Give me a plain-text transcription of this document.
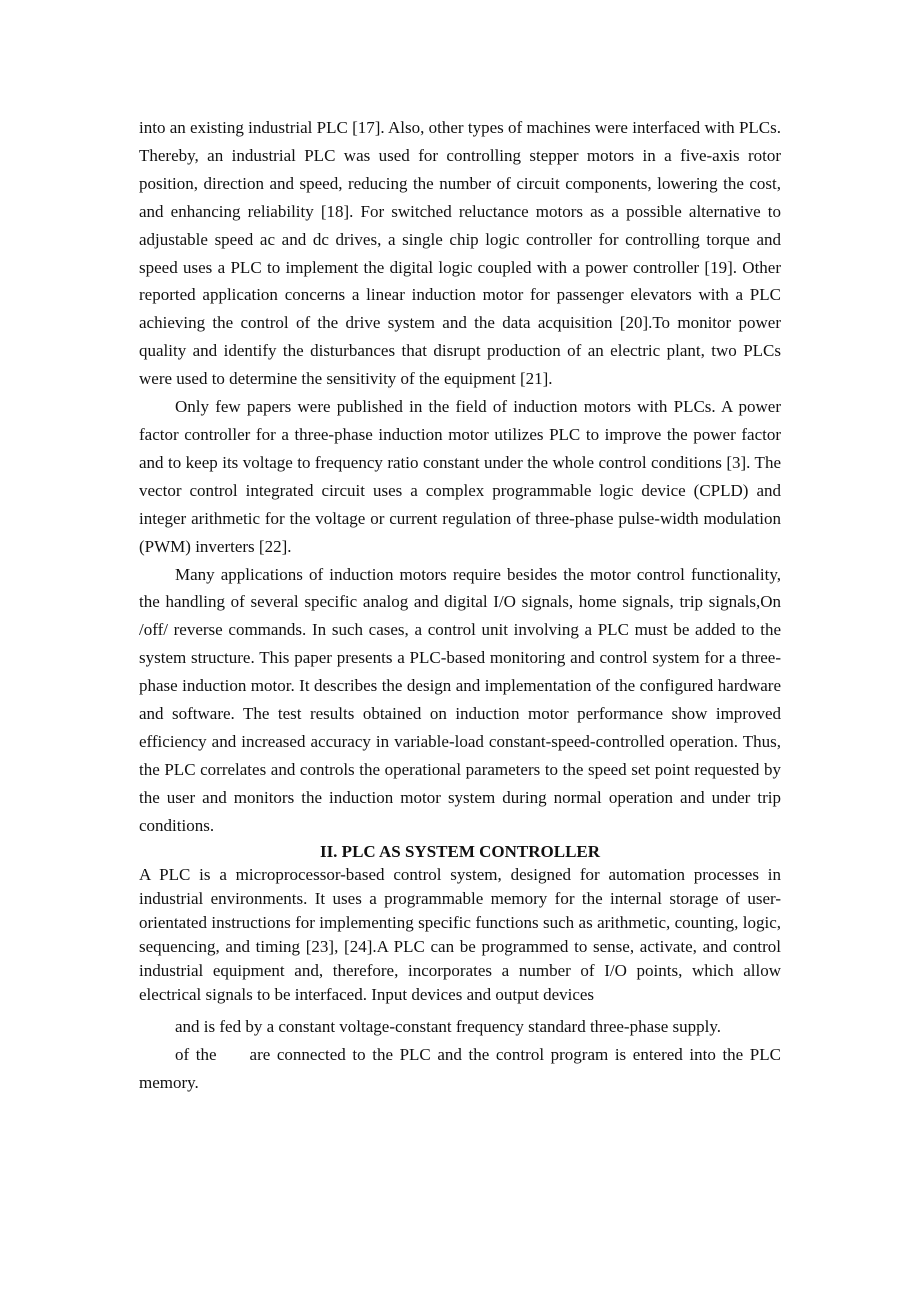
into an existing industrial PLC [17]. Also, other types of machines were interfaced with PLCs. Thereby, an industrial PLC was used for controlling stepper motors in a five-axis rotor position, direction and speed, reducing the number of circuit components, lowering the cost, and enhancing reliability [18]. For switched reluctance motors as a possible alternative to adjustable speed ac and dc drives, a single chip logic controller for controlling torque and speed uses a PLC to implement the digital logic coupled with a power controller [19]. Other reported application concerns a linear induction motor for passenger elevators with a PLC achieving the control of the drive system and the data acquisition [20].To monitor power quality and identify the disturbances that disrupt production of an electric plant, two PLCs were used to determine the sensitivity of the equipment [21].

Only few papers were published in the field of induction motors with PLCs. A power factor controller for a three-phase induction motor utilizes PLC to improve the power factor and to keep its voltage to frequency ratio constant under the whole control conditions [3]. The vector control integrated circuit uses a complex programmable logic device (CPLD) and integer arithmetic for the voltage or current regulation of three-phase pulse-width modulation (PWM) inverters [22].

Many applications of induction motors require besides the motor control functionality, the handling of several specific analog and digital I/O signals, home signals, trip signals,On /off/ reverse commands. In such cases, a control unit involving a PLC must be added to the system structure. This paper presents a PLC-based monitoring and control system for a three-phase induction motor. It describes the design and implementation of the configured hardware and software. The test results obtained on induction motor performance show improved efficiency and increased accuracy in variable-load constant-speed-controlled operation. Thus, the PLC correlates and controls the operational parameters to the speed set point requested by the user and monitors the induction motor system during normal operation and under trip conditions.

II. PLC AS SYSTEM CONTROLLER

A PLC is a microprocessor-based control system, designed for automation processes in industrial environments. It uses a programmable memory for the internal storage of user-orientated instructions for implementing specific functions such as arithmetic, counting, logic, sequencing, and timing [23], [24].A PLC can be programmed to sense, activate, and control industrial equipment and, therefore, incorporates a number of I/O points, which allow electrical signals to be interfaced. Input devices and output devices

and is fed by a constant voltage-constant frequency standard three-phase supply.

of the     are connected to the PLC and the control program is entered into the PLC memory.
